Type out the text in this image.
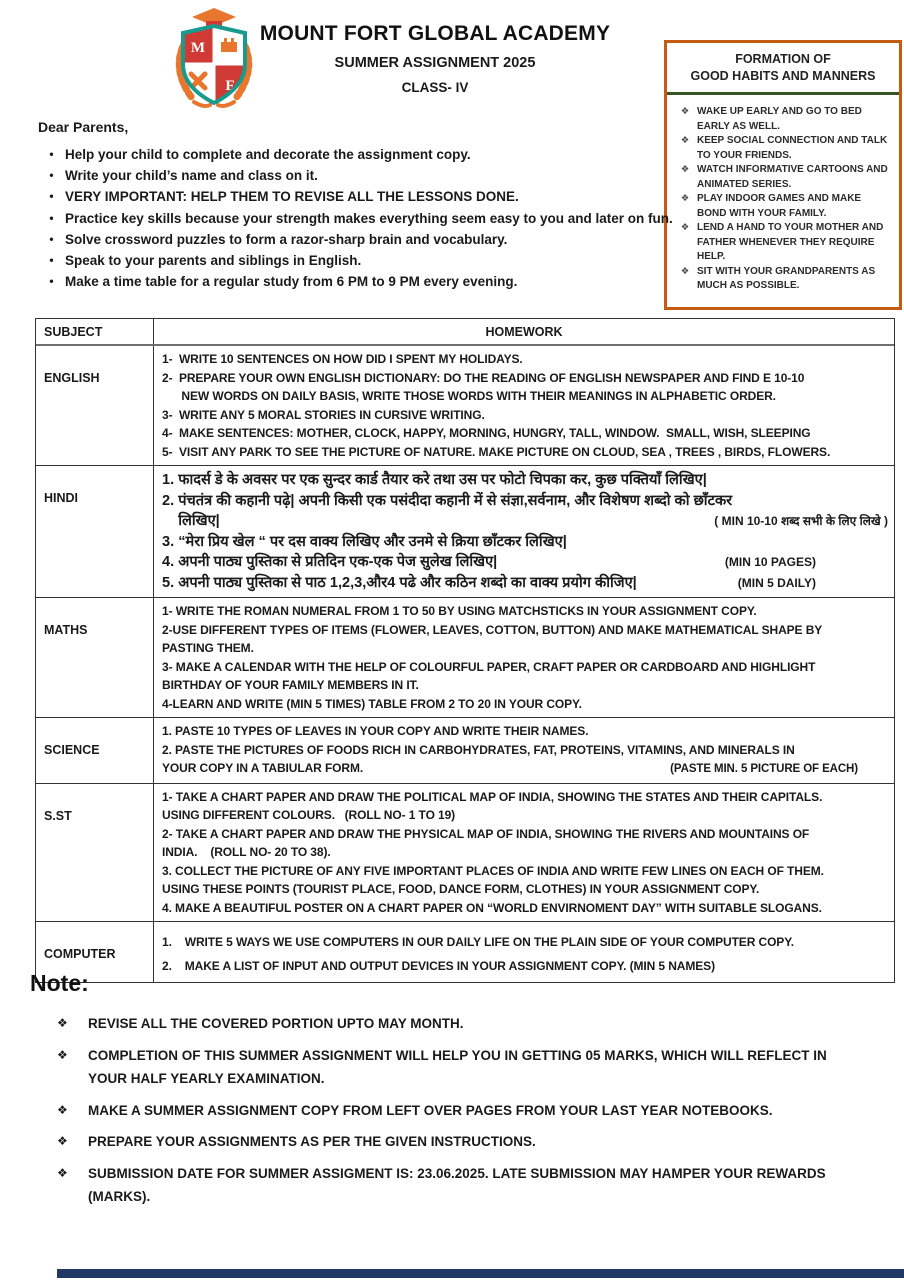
M
F
MOUNT FORT GLOBAL ACADEMY
SUMMER ASSIGNMENT 2025
CLASS- IV
FORMATION OF
GOOD HABITS AND MANNERS
❖ WAKE UP EARLY AND GO TO BED EARLY AS WELL.
❖ KEEP SOCIAL CONNECTION AND TALK TO YOUR FRIENDS.
❖ WATCH INFORMATIVE CARTOONS AND ANIMATED SERIES.
❖ PLAY INDOOR GAMES AND MAKE BOND WITH YOUR FAMILY.
❖ LEND A HAND TO YOUR MOTHER AND FATHER WHENEVER THEY REQUIRE HELP.
❖ SIT WITH YOUR GRANDPARENTS AS MUCH AS POSSIBLE.
Dear Parents,
• Help your child to complete and decorate the assignment copy.
• Write your child’s name and class on it.
• VERY IMPORTANT: HELP THEM TO REVISE ALL THE LESSONS DONE.
• Practice key skills because your strength makes everything seem easy to you and later on fun.
• Solve crossword puzzles to form a razor-sharp brain and vocabulary.
• Speak to your parents and siblings in English.
• Make a time table for a regular study from 6 PM to 9 PM every evening.
SUBJECT	HOMEWORK
ENGLISH
1-  WRITE 10 SENTENCES ON HOW DID I SPENT MY HOLIDAYS.
2-  PREPARE YOUR OWN ENGLISH DICTIONARY: DO THE READING OF ENGLISH NEWSPAPER AND FIND E 10-10
NEW WORDS ON DAILY BASIS, WRITE THOSE WORDS WITH THEIR MEANINGS IN ALPHABETIC ORDER.
3-  WRITE ANY 5 MORAL STORIES IN CURSIVE WRITING.
4-  MAKE SENTENCES: MOTHER, CLOCK, HAPPY, MORNING, HUNGRY, TALL, WINDOW.  SMALL, WISH, SLEEPING
5-  VISIT ANY PARK TO SEE THE PICTURE OF NATURE. MAKE PICTURE ON CLOUD, SEA , TREES , BIRDS, FLOWERS.
HINDI
1. फादर्स डे के अवसर पर एक सुन्दर कार्ड तैयार करे तथा उस पर फोटो चिपका कर, कुछ पक्तियाँ लिखिए|
2. पंचतंत्र की कहानी पढ़े| अपनी किसी एक पसंदीदा कहानी में से संज्ञा,सर्वनाम, और विशेषण शब्दो को छाँटकर
लिखिए|	( MIN 10-10 शब्द सभी के लिए लिखे )
3. “मेरा प्रिय खेल “ पर दस वाक्य लिखिए और उनमे से क्रिया छाँटकर लिखिए|
4. अपनी पाठ्य पुस्तिका से प्रतिदिन एक-एक पेज सुलेख लिखिए|	(MIN 10 PAGES)
5. अपनी पाठ्य पुस्तिका से पाठ 1,2,3,और4 पढे और कठिन शब्दो का वाक्य प्रयोग कीजिए|	(MIN 5 DAILY)
MATHS
1- WRITE THE ROMAN NUMERAL FROM 1 TO 50 BY USING MATCHSTICKS IN YOUR ASSIGNMENT COPY.
2-USE DIFFERENT TYPES OF ITEMS (FLOWER, LEAVES, COTTON, BUTTON) AND MAKE MATHEMATICAL SHAPE BY
PASTING THEM.
3- MAKE A CALENDAR WITH THE HELP OF COLOURFUL PAPER, CRAFT PAPER OR CARDBOARD AND HIGHLIGHT
BIRTHDAY OF YOUR FAMILY MEMBERS IN IT.
4-LEARN AND WRITE (MIN 5 TIMES) TABLE FROM 2 TO 20 IN YOUR COPY.
SCIENCE
1. PASTE 10 TYPES OF LEAVES IN YOUR COPY AND WRITE THEIR NAMES.
2. PASTE THE PICTURES OF FOODS RICH IN CARBOHYDRATES, FAT, PROTEINS, VITAMINS, AND MINERALS IN
YOUR COPY IN A TABIULAR FORM.	(PASTE MIN. 5 PICTURE OF EACH)
S.ST
1- TAKE A CHART PAPER AND DRAW THE POLITICAL MAP OF INDIA, SHOWING THE STATES AND THEIR CAPITALS.
USING DIFFERENT COLOURS.   (ROLL NO- 1 TO 19)
2- TAKE A CHART PAPER AND DRAW THE PHYSICAL MAP OF INDIA, SHOWING THE RIVERS AND MOUNTAINS OF
INDIA.    (ROLL NO- 20 TO 38).
3. COLLECT THE PICTURE OF ANY FIVE IMPORTANT PLACES OF INDIA AND WRITE FEW LINES ON EACH OF THEM.
USING THESE POINTS (TOURIST PLACE, FOOD, DANCE FORM, CLOTHES) IN YOUR ASSIGNMENT COPY.
4. MAKE A BEAUTIFUL POSTER ON A CHART PAPER ON “WORLD ENVIRNOMENT DAY” WITH SUITABLE SLOGANS.
COMPUTER
1.    WRITE 5 WAYS WE USE COMPUTERS IN OUR DAILY LIFE ON THE PLAIN SIDE OF YOUR COMPUTER COPY.
2.    MAKE A LIST OF INPUT AND OUTPUT DEVICES IN YOUR ASSIGNMENT COPY. (MIN 5 NAMES)
Note:
❖	REVISE ALL THE COVERED PORTION UPTO MAY MONTH.
❖	COMPLETION OF THIS SUMMER ASSIGNMENT WILL HELP YOU IN GETTING 05 MARKS, WHICH WILL REFLECT IN YOUR HALF YEARLY EXAMINATION.
❖	MAKE A SUMMER ASSIGNMENT COPY FROM LEFT OVER PAGES FROM YOUR LAST YEAR NOTEBOOKS.
❖	PREPARE YOUR ASSIGNMENTS AS PER THE GIVEN INSTRUCTIONS.
❖	SUBMISSION DATE FOR SUMMER ASSIGMENT IS: 23.06.2025. LATE SUBMISSION MAY HAMPER YOUR REWARDS (MARKS).
